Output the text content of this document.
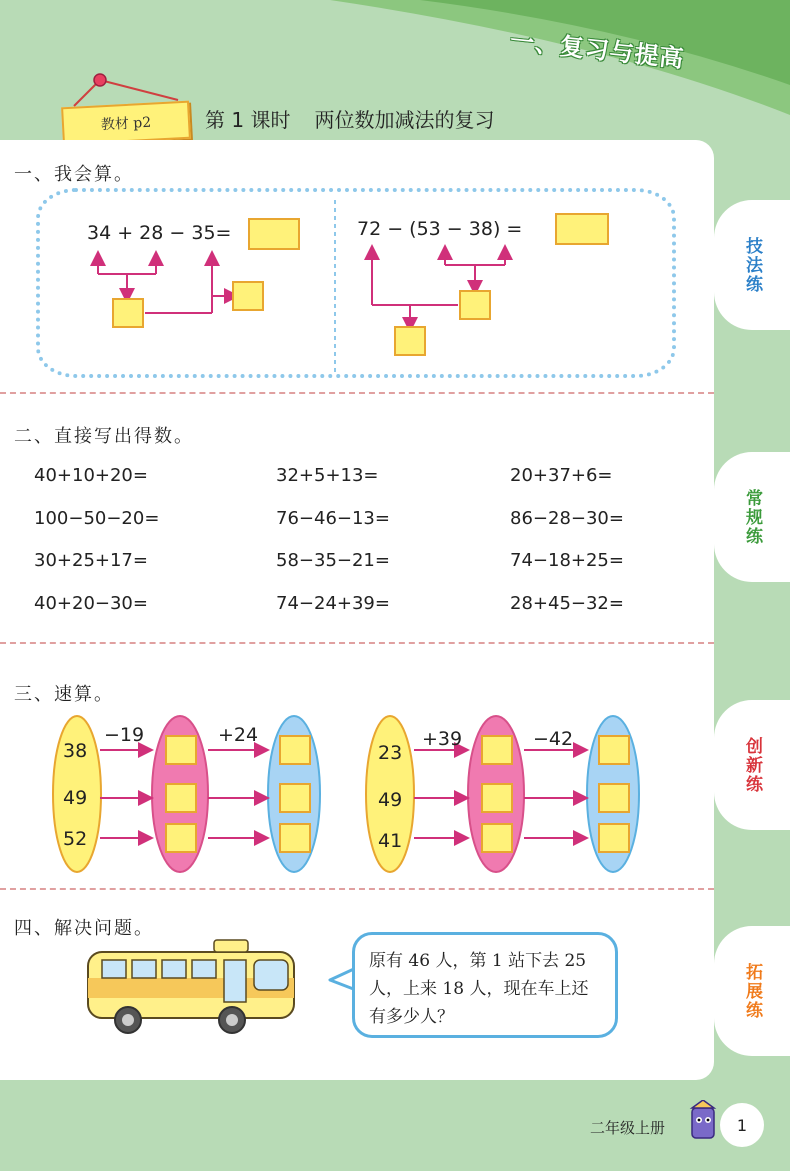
一、复习与提高
教材 p2	第 1 课时 两位数加减法的复习
技法练
常规练
创新练
拓展练
一、我会算。
34 + 28 − 35=	72 − (53 − 38) =
二、直接写出得数。
40+10+20=	32+5+13=	20+37+6=
100−50−20=	76−46−13=	86−28−30=
30+25+17=	58−35−21=	74−18+25=
40+20−30=	74−24+39=	28+45−32=
三、速算。
38
49
52
−19	+24
23
49
41
+39	−42
四、解决问题。
原有 46 人，第 1 站下去 25 人，上来 18 人，现在车上还有多少人？
二年级上册	1
